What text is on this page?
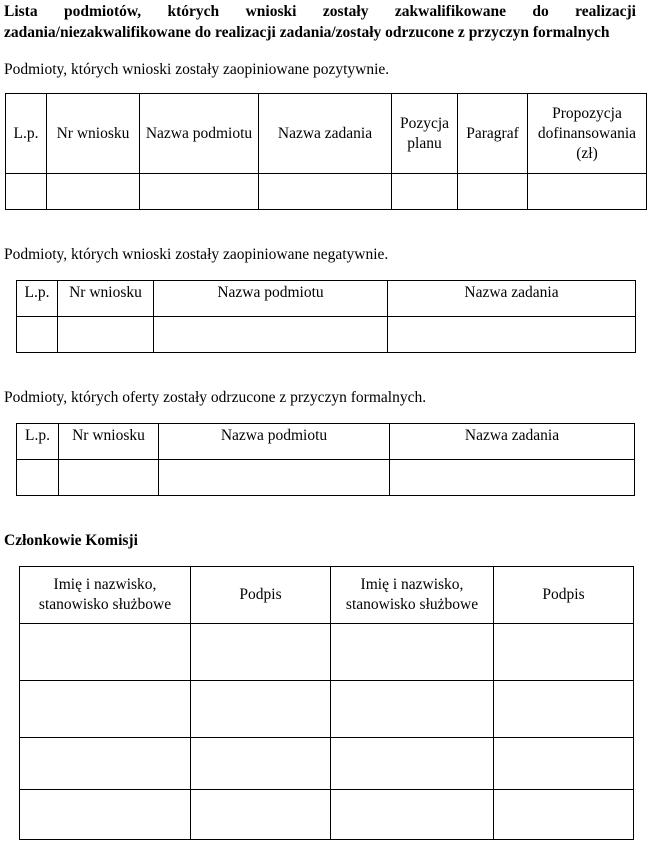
Lista podmiotów, których wnioski zostały zakwalifikowane do realizacji zadania/niezakwalifikowane do realizacji zadania/zostały odrzucone z przyczyn formalnych
Podmioty, których wnioski zostały zaopiniowane pozytywnie.
L.p.	Nr wniosku	Nazwa podmiotu	Nazwa zadania	Pozycja planu	Paragraf	Propozycja dofinansowania (zł)

Podmioty, których wnioski zostały zaopiniowane negatywnie.
L.p.	Nr wniosku	Nazwa podmiotu	Nazwa zadania

Podmioty, których oferty zostały odrzucone z przyczyn formalnych.
L.p.	Nr wniosku	Nazwa podmiotu	Nazwa zadania

Członkowie Komisji
Imię i nazwisko, stanowisko służbowe	Podpis	Imię i nazwisko, stanowisko służbowe	Podpis
